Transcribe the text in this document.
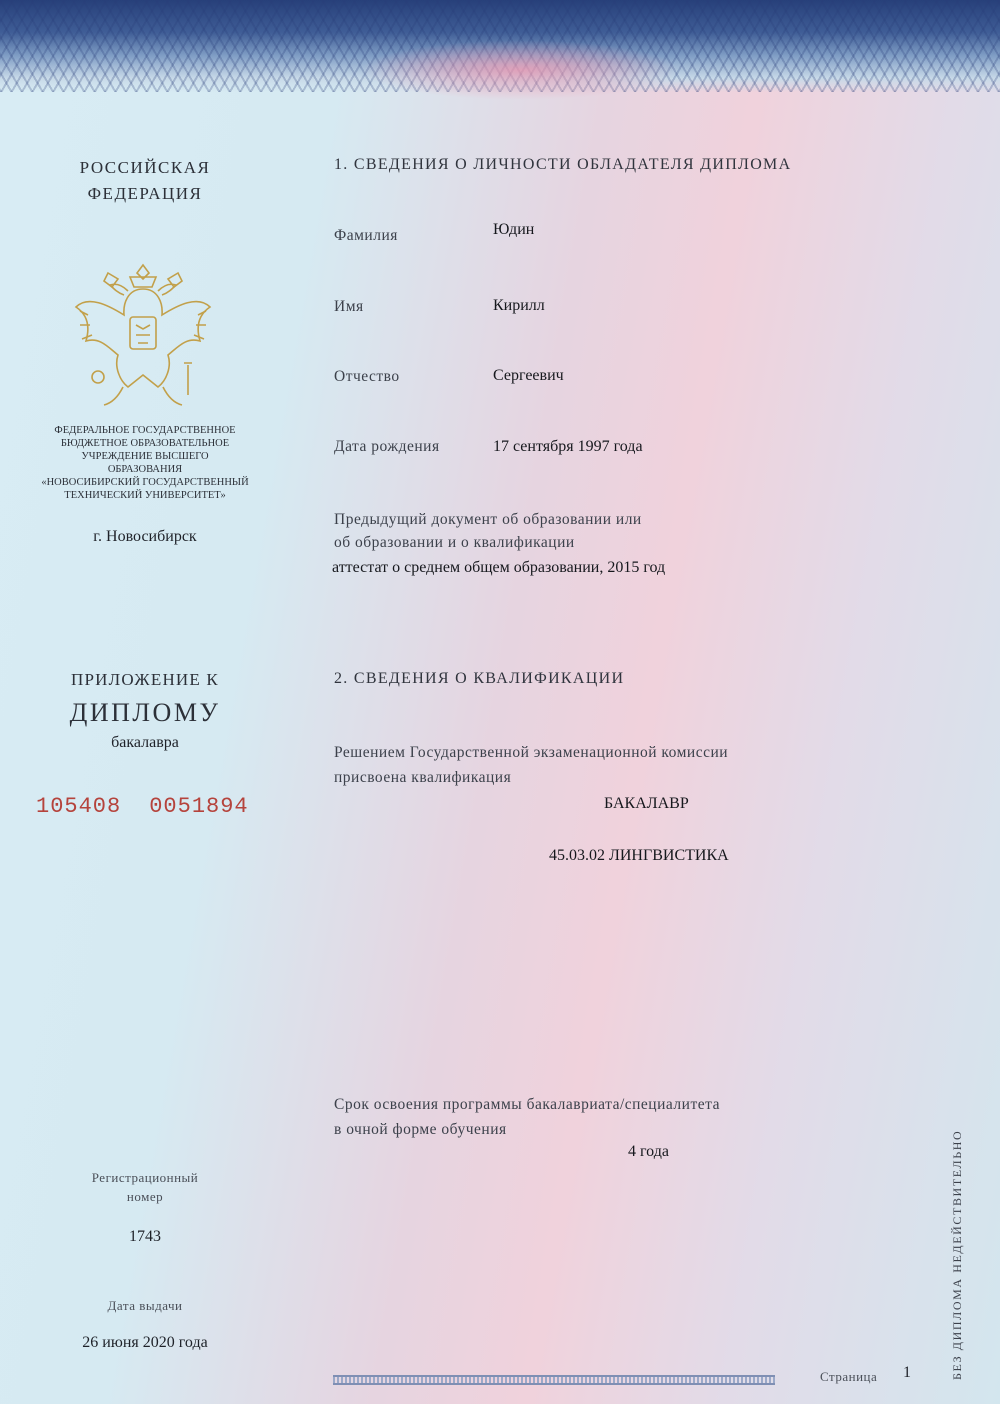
РОССИЙСКАЯ
ФЕДЕРАЦИЯ
ФЕДЕРАЛЬНОЕ ГОСУДАРСТВЕННОЕ
БЮДЖЕТНОЕ ОБРАЗОВАТЕЛЬНОЕ
УЧРЕЖДЕНИЕ ВЫСШЕГО
ОБРАЗОВАНИЯ
«НОВОСИБИРСКИЙ ГОСУДАРСТВЕННЫЙ
ТЕХНИЧЕСКИЙ УНИВЕРСИТЕТ»
г. Новосибирск
ПРИЛОЖЕНИЕ К
ДИПЛОМУ
бакалавра
105408 0051894
Регистрационный
номер
1743
Дата выдачи
26 июня 2020 года
1. СВЕДЕНИЯ О ЛИЧНОСТИ ОБЛАДАТЕЛЯ ДИПЛОМА
Фамилия	Юдин
Имя	Кирилл
Отчество	Сергеевич
Дата рождения	17 сентября 1997 года
Предыдущий документ об образовании или
об образовании и о квалификации
аттестат о среднем общем образовании, 2015 год
2. СВЕДЕНИЯ О КВАЛИФИКАЦИИ
Решением Государственной экзаменационной комиссии
присвоена квалификация
БАКАЛАВР
45.03.02 ЛИНГВИСТИКА
Срок освоения программы бакалавриата/специалитета
в очной форме обучения
4 года
Страница 1	БЕЗ ДИПЛОМА НЕДЕЙСТВИТЕЛЬНО
